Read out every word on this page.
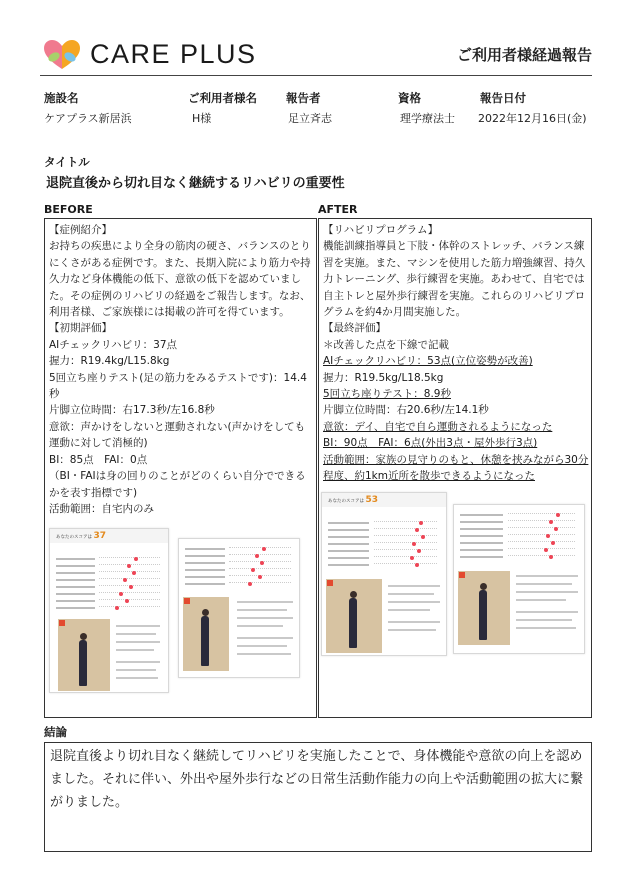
CARE PLUS	ご利用者様経過報告
施設名
ケアプラス新居浜
ご利用者様名
H様
報告者
足立斉志
資格
理学療法士
報告日付
2022年12月16日(金)
タイトル
退院直後から切れ目なく継続するリハビリの重要性
BEFORE	AFTER
【症例紹介】
お持ちの疾患により全身の筋肉の硬さ、バランスのとりにくさがある症例です。また、長期入院により筋力や持久力など身体機能の低下、意欲の低下を認めていました。その症例のリハビリの経過をご報告します。なお、利用者様、ご家族様には掲載の許可を得ています。
【初期評価】
AIチェックリハビリ：37点
握力：R19.4kg/L15.8kg
5回立ち座りテスト(足の筋力をみるテストです)：14.4秒
片脚立位時間：右17.3秒/左16.8秒
意欲：声かけをしないと運動されない(声かけをしても運動に対して消極的)
BI：85点　FAI：0点
（BI・FAIは身の回りのことがどのくらい自分でできるかを表す指標です)
活動範囲：自宅内のみ
あなたのスコアは 37
【リハビリプログラム】
機能訓練指導員と下肢・体幹のストレッチ、バランス練習を実施。また、マシンを使用した筋力増強練習、持久力トレーニング、歩行練習を実施。あわせて、自宅では自主トレと屋外歩行練習を実施。これらのリハビリプログラムを約4か月間実施した。
【最終評価】
＊改善した点を下線で記載
AIチェックリハビリ：53点(立位姿勢が改善)
握力：R19.5kg/L18.5kg
5回立ち座りテスト：8.9秒
片脚立位時間：右20.6秒/左14.1秒
意欲：デイ、自宅で自ら運動されるようになった
BI：90点　FAI：6点(外出3点・屋外歩行3点)
活動範囲：家族の見守りのもと、休憩を挟みながら30分程度、約1km近所を散歩できるようになった
あなたのスコアは 53
結論
退院直後より切れ目なく継続してリハビリを実施したことで、身体機能や意欲の向上を認めました。それに伴い、外出や屋外歩行などの日常生活動作能力の向上や活動範囲の拡大に繋がりました。
